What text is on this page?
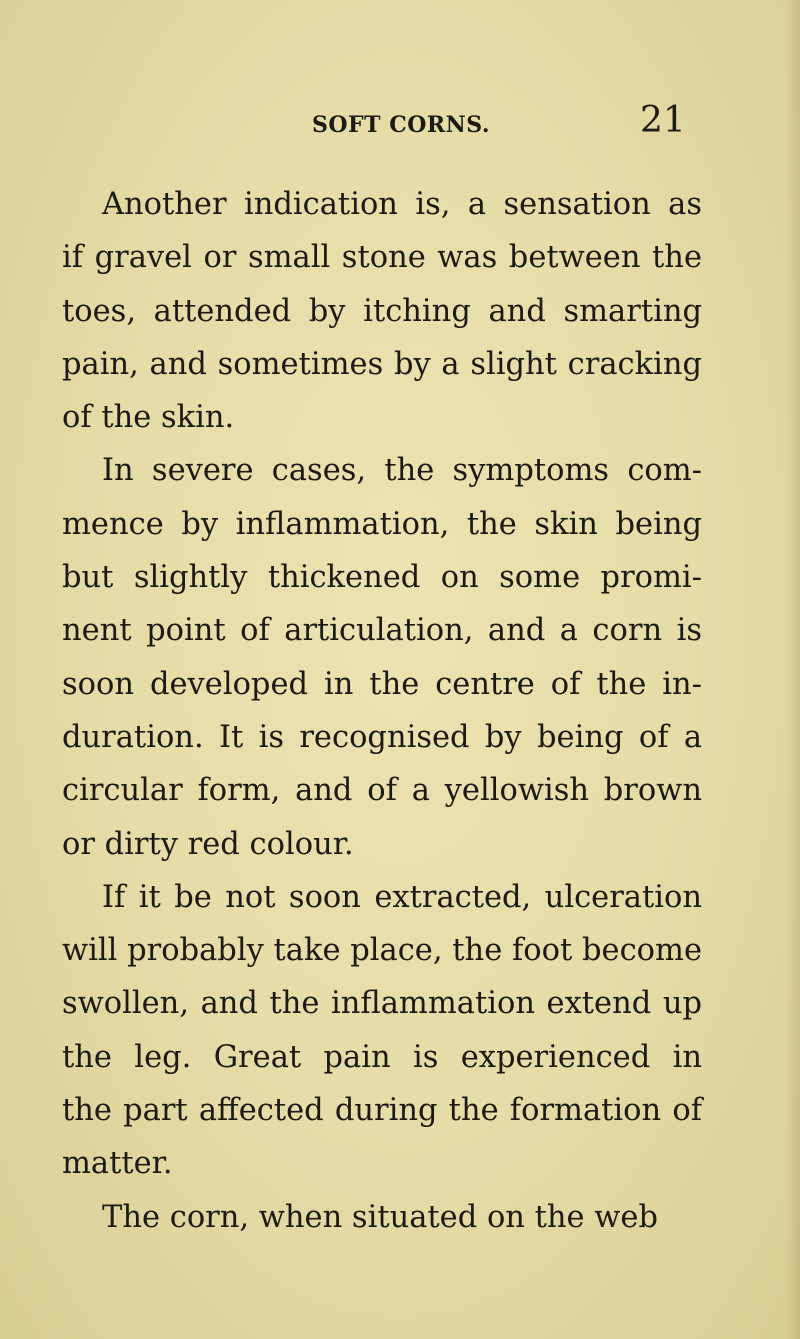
SOFT CORNS.	21
Another indication is, a sensation as
if gravel or small stone was between the
toes, attended by itching and smarting
pain, and sometimes by a slight cracking
of the skin.
In severe cases, the symptoms com-
mence by inflammation, the skin being
but slightly thickened on some promi-
nent point of articulation, and a corn is
soon developed in the centre of the in-
duration. It is recognised by being of a
circular form, and of a yellowish brown
or dirty red colour.
If it be not soon extracted, ulceration
will probably take place, the foot become
swollen, and the inflammation extend up
the leg. Great pain is experienced in
the part affected during the formation of
matter.
The corn, when situated on the web
